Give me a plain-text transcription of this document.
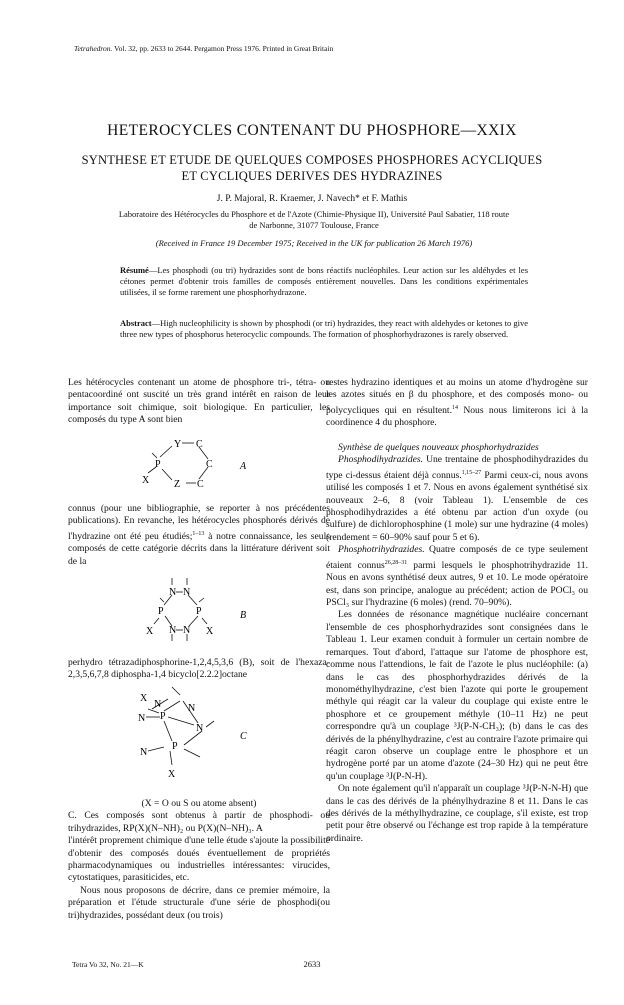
Tetrahedron. Vol. 32, pp. 2633 to 2644. Pergamon Press 1976. Printed in Great Britain
HETEROCYCLES CONTENANT DU PHOSPHORE—XXIX
SYNTHESE ET ETUDE DE QUELQUES COMPOSES PHOSPHORES ACYCLIQUES
ET CYCLIQUES DERIVES DES HYDRAZINES
J. P. Majoral, R. Kraemer, J. Navech* et F. Mathis
Laboratoire des Hétérocycles du Phosphore et de l'Azote (Chimie-Physique II), Université Paul Sabatier, 118 route
de Narbonne, 31077 Toulouse, France
(Received in France 19 December 1975; Received in the UK for publication 26 March 1976)
Résumé—Les phosphodi (ou tri) hydrazides sont de bons réactifs nucléophiles. Leur action sur les aldéhydes et les cétones permet d'obtenir trois familles de composés entièrement nouvelles. Dans les conditions expérimentales utilisées, il se forme rarement une phosphorhydrazone.
Abstract—High nucleophilicity is shown by phosphodi (or tri) hydrazides, they react with aldehydes or ketones to give three new types of phosphorus heterocyclic compounds. The formation of phosphorhydrazones is rarely observed.

Les hétérocycles contenant un atome de phosphore tri-, tétra- ou pentacoordiné ont suscité un très grand intérêt en raison de leur importance soit chimique, soit biologique. En particulier, les composés du type A sont bien

Y C
P	C
X Z C
A

connus (pour une bibliographie, se reporter à nos précédentes publications). En revanche, les hétérocycles phosphorés dérivés de l'hydrazine ont été peu étudiés;$^{1-13}$ à notre connaissance, les seuls composés de cette catégorie décrits dans la littérature dérivent soit de la

N N
P	P
N N
X	X
B

perhydro tétrazadiphosphorine-1,2,4,5,3,6 (B), soit de l'hexaza-2,3,5,6,7,8 diphospha-1,4 bicyclo[2.2.2]octane

N
X
P
N
N
N
P
N
X
C

(X = O ou S ou atome absent)

C. Ces composés sont obtenus à partir de phosphodi- ou trihydrazides, RP(X)(N–NH)₂ ou P(X)(N–NH)₃. A

l'intérêt proprement chimique d'une telle étude s'ajoute la possibilité d'obtenir des composés doués éventuellement de propriétés pharmacodynamiques ou industrielles intéressantes: virucides, cytostatiques, parasiticides, etc.

Nous nous proposons de décrire, dans ce premier mémoire, la préparation et l'étude structurale d'une série de phosphodi(ou tri)hydrazides, possédant deux (ou trois)

restes hydrazino identiques et au moins un atome d'hydrogène sur les azotes situés en β du phosphore, et des composés mono- ou polycycliques qui en résultent.$^{14}$ Nous nous limiterons ici à la coordinence 4 du phosphore.

Synthèse de quelques nouveaux phosphorhydrazides

Phosphodihydrazides. Une trentaine de phosphodihydrazides du type ci-dessus étaient déjà connus.$^{1,15-27}$ Parmi ceux-ci, nous avons utilisé les composés 1 et 7. Nous en avons également synthétisé six nouveaux 2–6, 8 (voir Tableau 1). L'ensemble de ces phosphodihydrazides a été obtenu par action d'un oxyde (ou sulfure) de dichlorophosphine (1 mole) sur une hydrazine (4 moles) (rendement = 60–90% sauf pour 5 et 6).

Phosphotrihydrazides. Quatre composés de ce type seulement étaient connus$^{26,28-31}$ parmi lesquels le phosphotrihydrazide 11. Nous en avons synthétisé deux autres, 9 et 10. Le mode opératoire est, dans son principe, analogue au précédent; action de POCl₃ ou PSCl₃ sur l'hydrazine (6 moles) (rend. 70–90%).

Les données de résonance magnétique nucléaire concernant l'ensemble de ces phosphorhydrazides sont consignées dans le Tableau 1. Leur examen conduit à formuler un certain nombre de remarques. Tout d'abord, l'attaque sur l'atome de phosphore est, comme nous l'attendions, le fait de l'azote le plus nucléophile: (a) dans le cas des phosphorhydrazides dérivés de la monométhylhydrazine, c'est bien l'azote qui porte le groupement méthyle qui réagit car la valeur du couplage qui existe entre le phosphore et ce groupement méthyle (10–11 Hz) ne peut correspondre qu'à un couplage ³J(P-N-CH₃); (b) dans le cas des dérivés de la phénylhydrazine, c'est au contraire l'azote primaire qui réagit caron observe un couplage entre le phosphore et un hydrogène porté par un atome d'azote (24–30 Hz) qui ne peut être qu'un couplage ³J(P-N-H).

On note également qu'il n'apparaît un couplage ³J(P-N-N-H) que dans le cas des dérivés de la phénylhydrazine 8 et 11. Dans le cas des dérivés de la méthylhydrazine, ce couplage, s'il existe, est trop petit pour être observé ou l'échange est trop rapide à la température ordinaire.

Tetra Vo 32, No. 21—K	2633
